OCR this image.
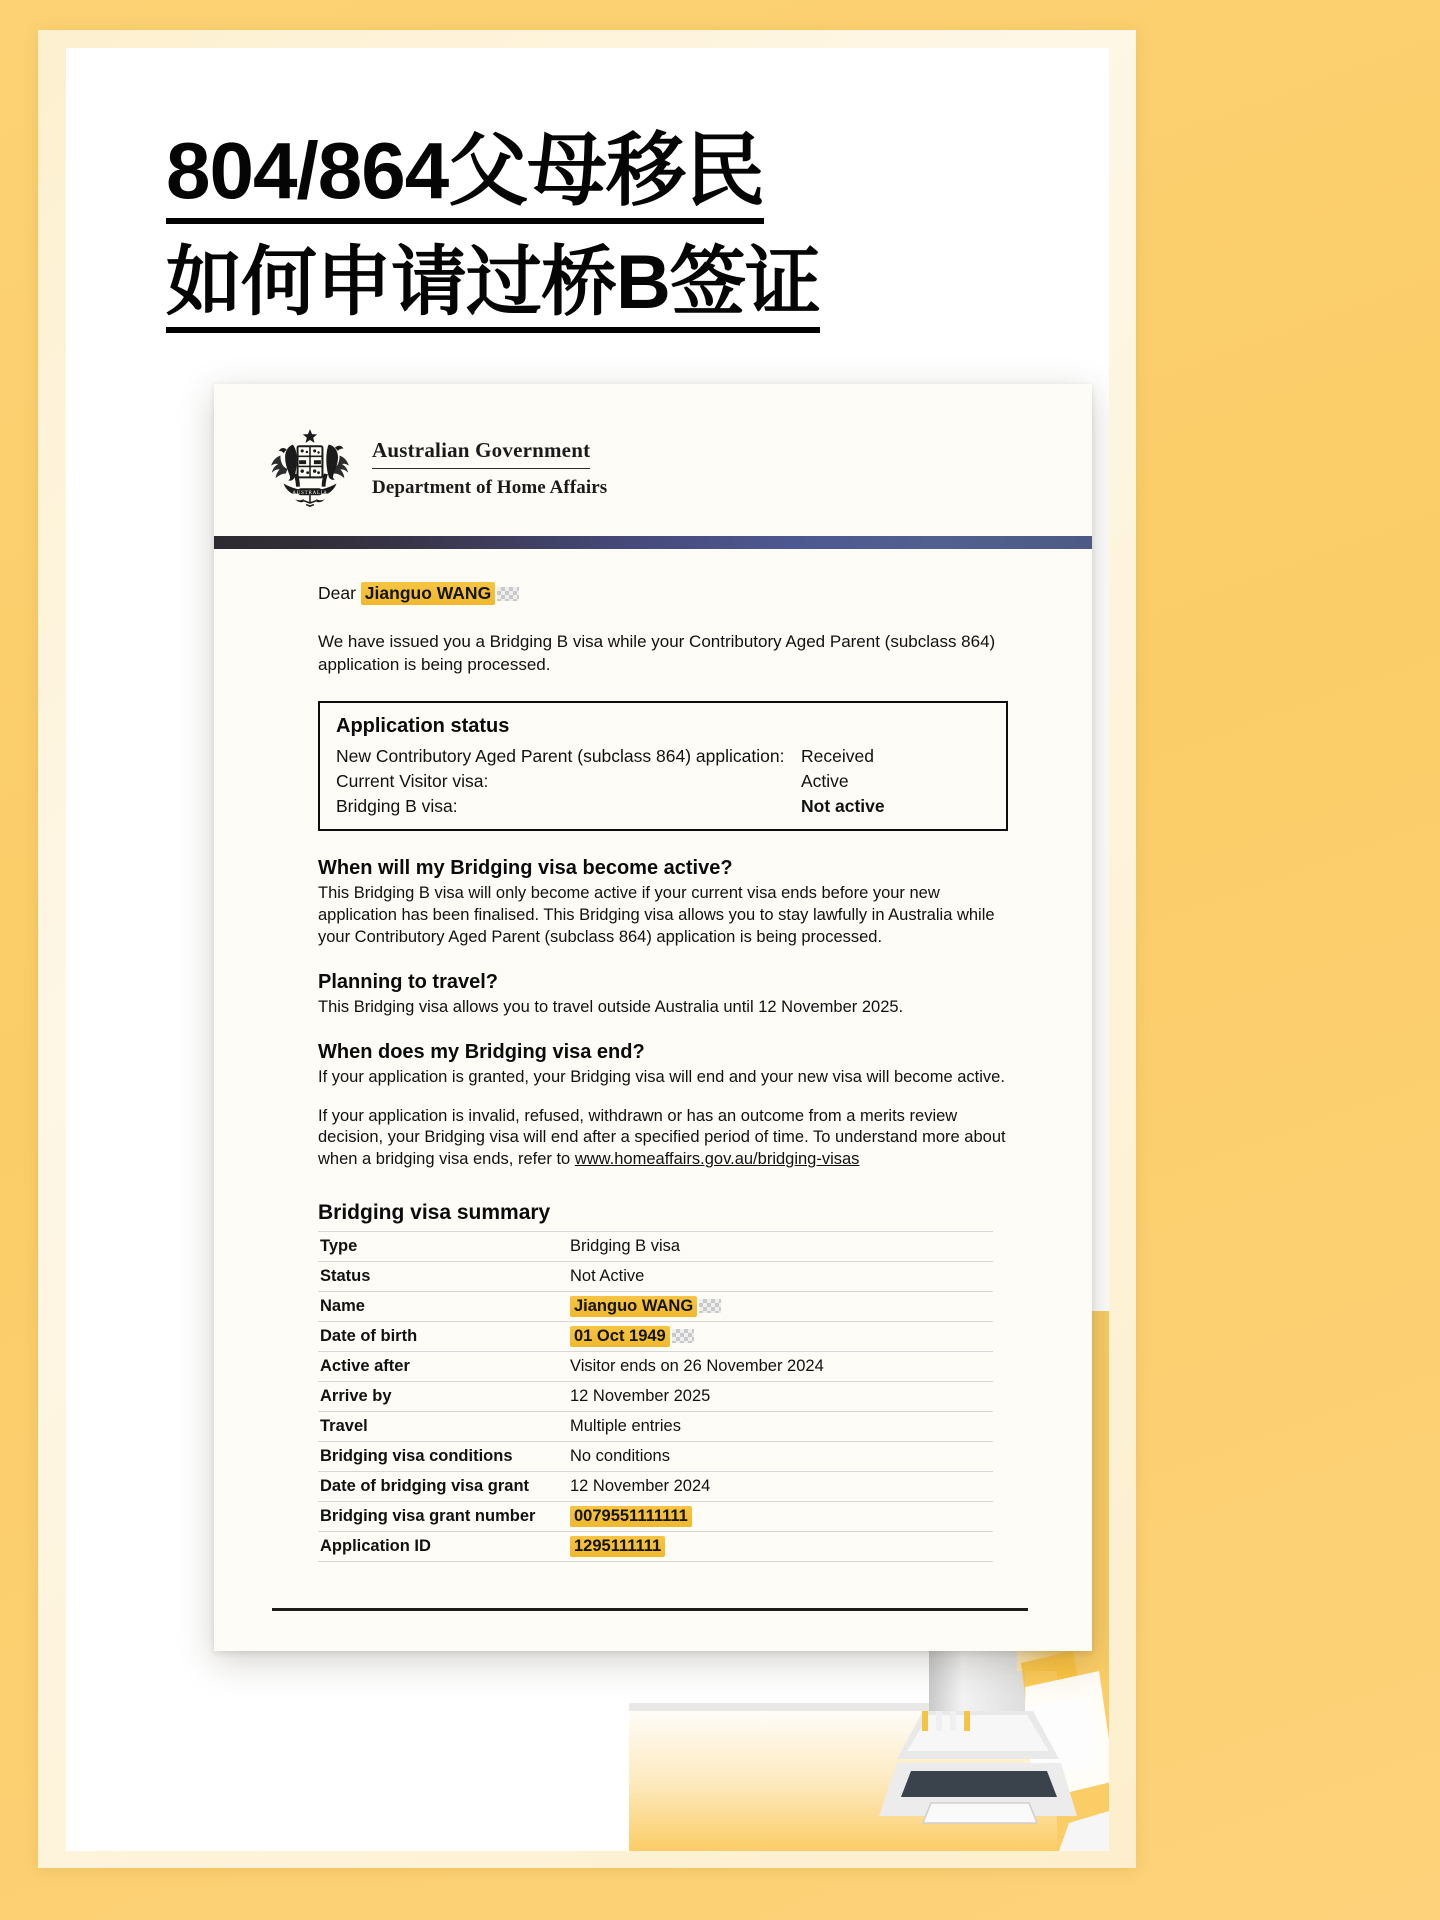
804/864父母移民 如何申请过桥B签证
AUSTRALIA
Australian Government
Department of Home Affairs
Dear Jianguo WANG
We have issued you a Bridging B visa while your Contributory Aged Parent (subclass 864) application is being processed.
Application status
New Contributory Aged Parent (subclass 864) application: Received
Current Visitor visa:	Active
Bridging B visa:	Not active
When will my Bridging visa become active?
This Bridging B visa will only become active if your current visa ends before your new application has been finalised. This Bridging visa allows you to stay lawfully in Australia while your Contributory Aged Parent (subclass 864) application is being processed.
Planning to travel?
This Bridging visa allows you to travel outside Australia until 12 November 2025.
When does my Bridging visa end?
If your application is granted, your Bridging visa will end and your new visa will become active.
If your application is invalid, refused, withdrawn or has an outcome from a merits review decision, your Bridging visa will end after a specified period of time. To understand more about when a bridging visa ends, refer to www.homeaffairs.gov.au/bridging-visas
Bridging visa summary
Type	Bridging B visa
Status	Not Active
Name	Jianguo WANG
Date of birth	01 Oct 1949
Active after	Visitor ends on 26 November 2024
Arrive by	12 November 2025
Travel	Multiple entries
Bridging visa conditions	No conditions
Date of bridging visa grant	12 November 2024
Bridging visa grant number	0079551111111
Application ID	1295111111
